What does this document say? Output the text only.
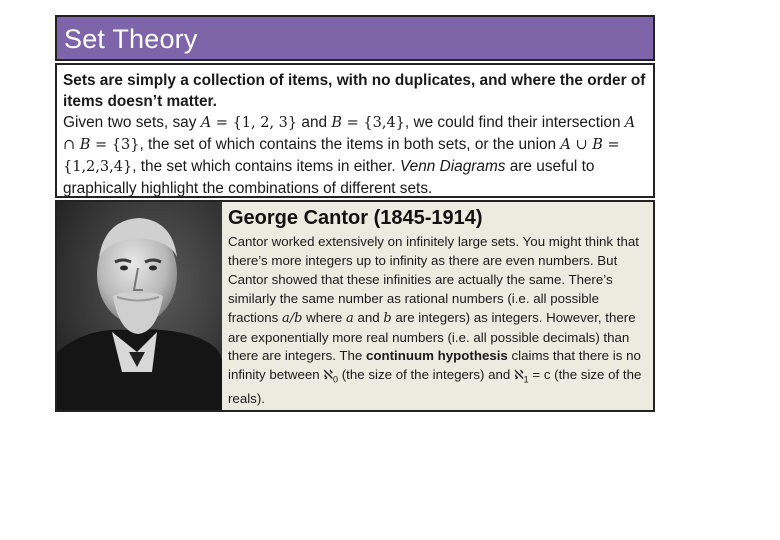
Set Theory

Sets are simply a collection of items, with no duplicates, and where the order of items doesn’t matter.

Given two sets, say A = {1, 2, 3} and B = {3,4}, we could find their intersection A ∩ B = {3}, the set of which contains the items in both sets, or the union A ∪ B = {1,2,3,4}, the set which contains items in either. Venn Diagrams are useful to graphically highlight the combinations of different sets.

George Cantor (1845-1914)
Cantor worked extensively on infinitely large sets. You might think that there’s more integers up to infinity as there are even numbers. But Cantor showed that these infinities are actually the same. There’s similarly the same number as rational numbers (i.e. all possible fractions a/b where a and b are integers) as integers. However, there are exponentially more real numbers (i.e. all possible decimals) than there are integers. The continuum hypothesis claims that there is no infinity between ℵ$_0$ (the size of the integers) and ℵ$_1$ = c (the size of the reals).
